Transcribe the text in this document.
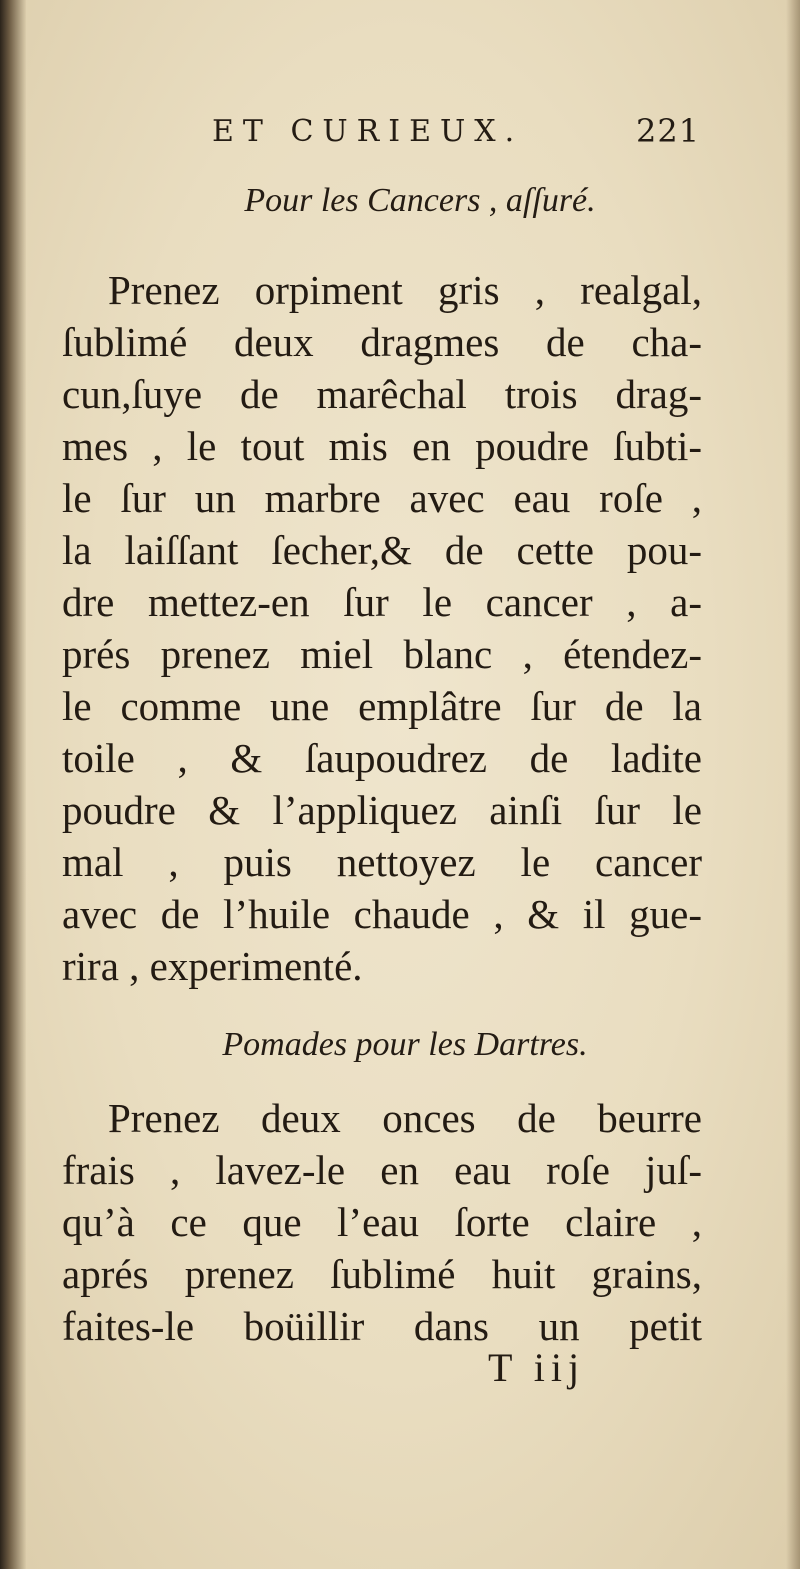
ET CURIEUX.	221
Pour les Cancers , aſſuré.
Prenez orpiment gris , realgal,
ſublimé deux dragmes de cha-
cun,ſuye de marêchal trois drag-
mes , le tout mis en poudre ſubti-
le ſur un marbre avec eau roſe ,
la laiſſant ſecher,& de cette pou-
dre mettez-en ſur le cancer , a-
prés prenez miel blanc , étendez-
le comme une emplâtre ſur de la
toile , & ſaupoudrez de ladite
poudre & l’appliquez ainſi ſur le
mal , puis nettoyez le cancer
avec de l’huile chaude , & il gue-
rira , experimenté.
Pomades pour les Dartres.
Prenez deux onces de beurre
frais , lavez-le en eau roſe juſ-
qu’à ce que l’eau ſorte claire ,
aprés prenez ſublimé huit grains,
faites-le boüillir dans un petit
T iij
